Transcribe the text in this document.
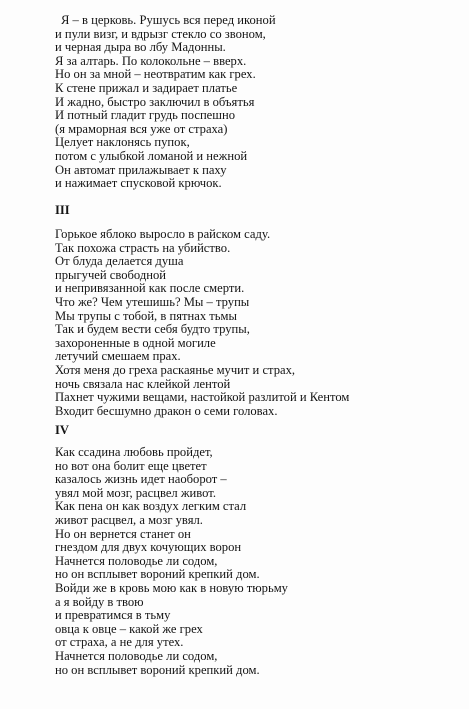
Я – в церковь. Рушусь вся перед иконой
и пули визг, и вдрызг стекло со звоном,
и черная дыра во лбу Мадонны.
Я за алтарь. По колокольне – вверх.
Но он за мной – неотвратим как грех.
К стене прижал и задирает платье
И жадно, быстро заключил в объятья
И потный гладит грудь поспешно
(я мраморная вся уже от страха)
Целует наклонясь пупок,
потом с улыбкой ломаной и нежной
Он автомат прилажывает к паху
и нажимает спусковой крючок.
III
Горькое яблоко выросло в райском саду.
Так похожа страсть на убийство.
От блуда делается душа
прыгучей свободной
и непривязанной как после смерти.
Что же? Чем утешишь? Мы – трупы
Мы трупы с тобой, в пятнах тьмы
Так и будем вести себя будто трупы,
захороненные в одной могиле
летучий смешаем прах.
Хотя меня до греха раскаянье мучит и страх,
ночь связала нас клейкой лентой
Пахнет чужими вещами, настойкой разлитой и Кентом
Входит бесшумно дракон о семи головах.
IV
Как ссадина любовь пройдет,
но вот она болит еще цветет
казалось жизнь идет наоборот –
увял мой мозг, расцвел живот.
Как пена он как воздух легким стал
живот расцвел, а мозг увял.
Но он вернется станет он
гнездом для двух кочующих ворон
Начнется половодье ли содом,
но он всплывет вороний крепкий дом.
Войди же в кровь мою как в новую тюрьму
а я войду в твою
и превратимся в тьму
овца к овце – какой же грех
от страха, а не для утех.
Начнется половодье ли содом,
но он всплывет вороний крепкий дом.
